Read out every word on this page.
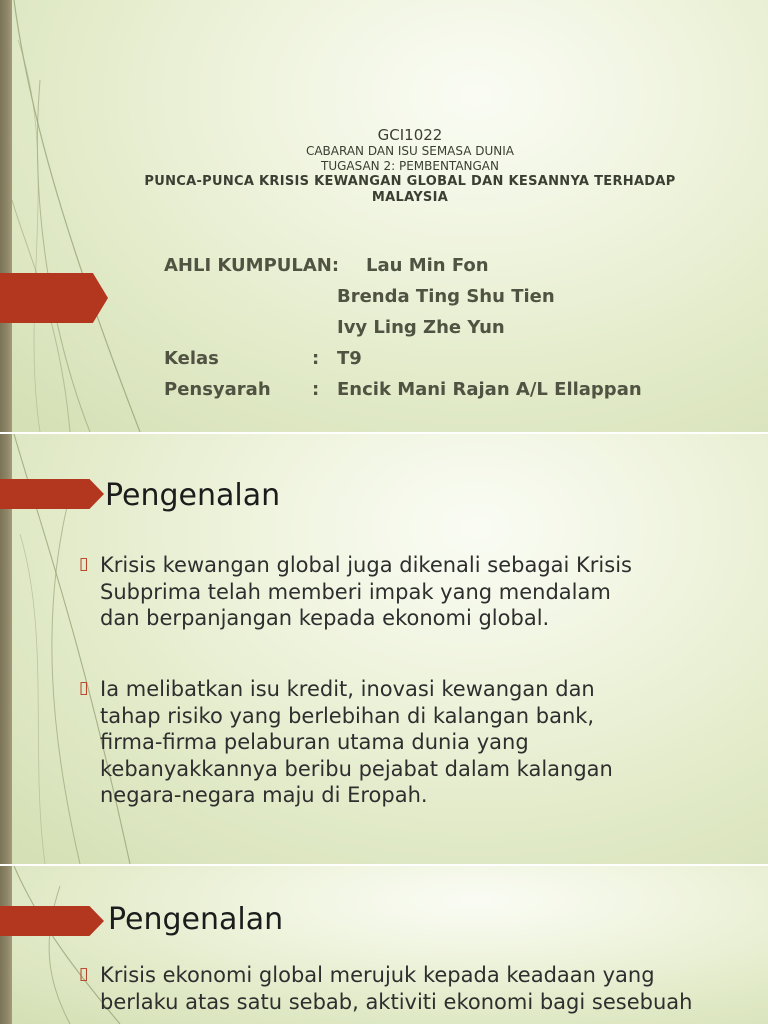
GCI1022
CABARAN DAN ISU SEMASA DUNIA
TUGASAN 2: PEMBENTANGAN
PUNCA-PUNCA KRISIS KEWANGAN GLOBAL DAN KESANNYA TERHADAP
MALAYSIA
AHLI KUMPULAN: Lau Min Fon
Brenda Ting Shu Tien
Ivy Ling Zhe Yun
Kelas	: T9
Pensyarah : Encik Mani Rajan A/L Ellappan
Pengenalan
▯ Krisis kewangan global juga dikenali sebagai Krisis
Subprima telah memberi impak yang mendalam
dan berpanjangan kepada ekonomi global.
▯ Ia melibatkan isu kredit, inovasi kewangan dan
tahap risiko yang berlebihan di kalangan bank,
firma-firma pelaburan utama dunia yang
kebanyakkannya beribu pejabat dalam kalangan
negara-negara maju di Eropah.
Pengenalan
▯ Krisis ekonomi global merujuk kepada keadaan yang
berlaku atas satu sebab, aktiviti ekonomi bagi sesebuah
